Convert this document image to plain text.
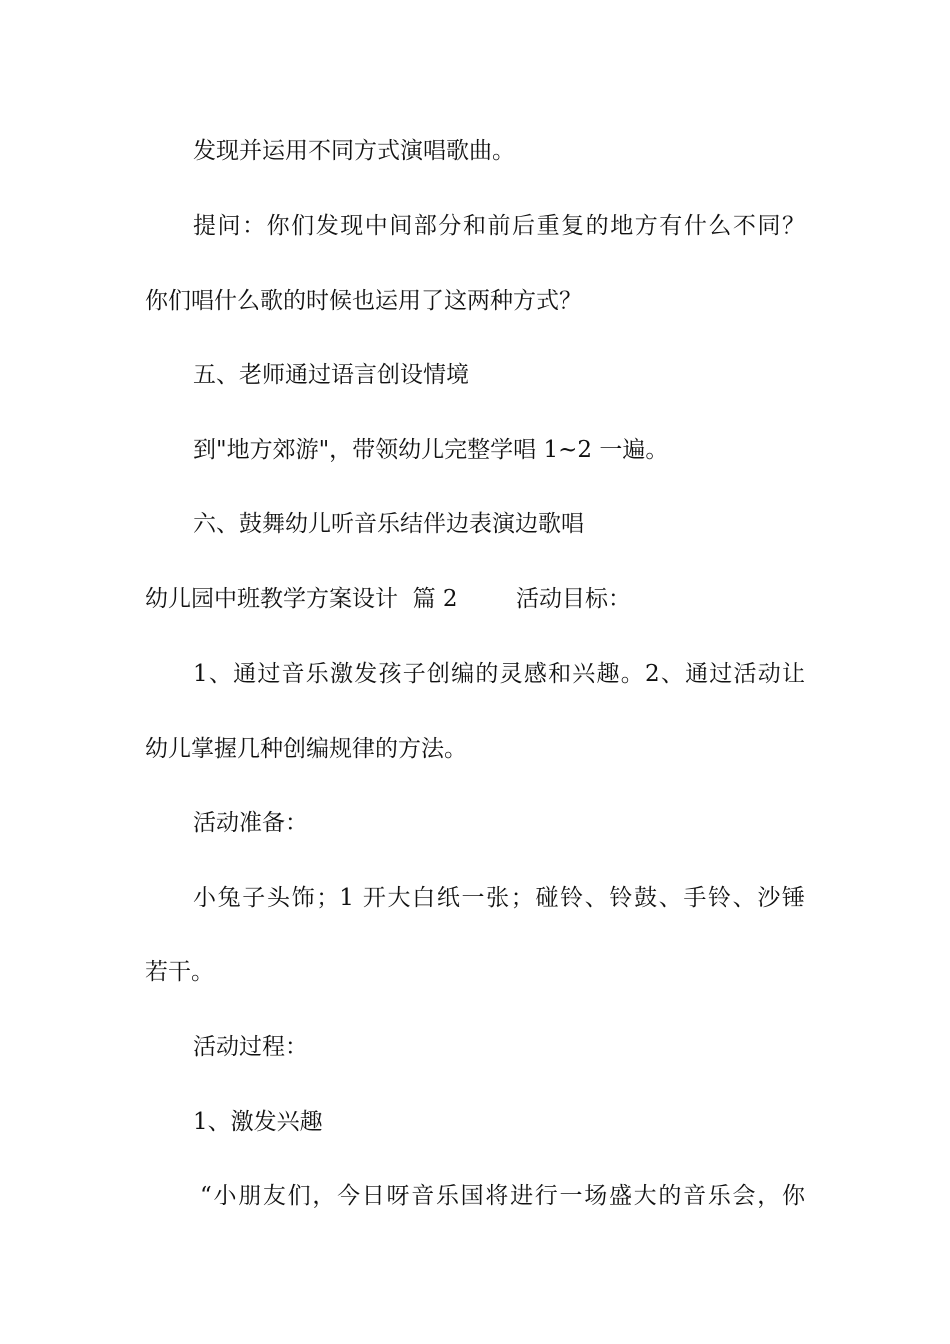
发现并运用不同方式演唱歌曲。
提问：你们发现中间部分和前后重复的地方有什么不同？
你们唱什么歌的时候也运用了这两种方式？
五、老师通过语言创设情境
到"地方郊游"，带领幼儿完整学唱 1~2 一遍。
六、鼓舞幼儿听音乐结伴边表演边歌唱
幼儿园中班教学方案设计  篇 2        活动目标：
1、通过音乐激发孩子创编的灵感和兴趣。2、通过活动让
幼儿掌握几种创编规律的方法。
活动准备：
小兔子头饰；1 开大白纸一张；碰铃、铃鼓、手铃、沙锤
若干。
活动过程：
1、激发兴趣
“小朋友们，今日呀音乐国将进行一场盛大的音乐会，你
